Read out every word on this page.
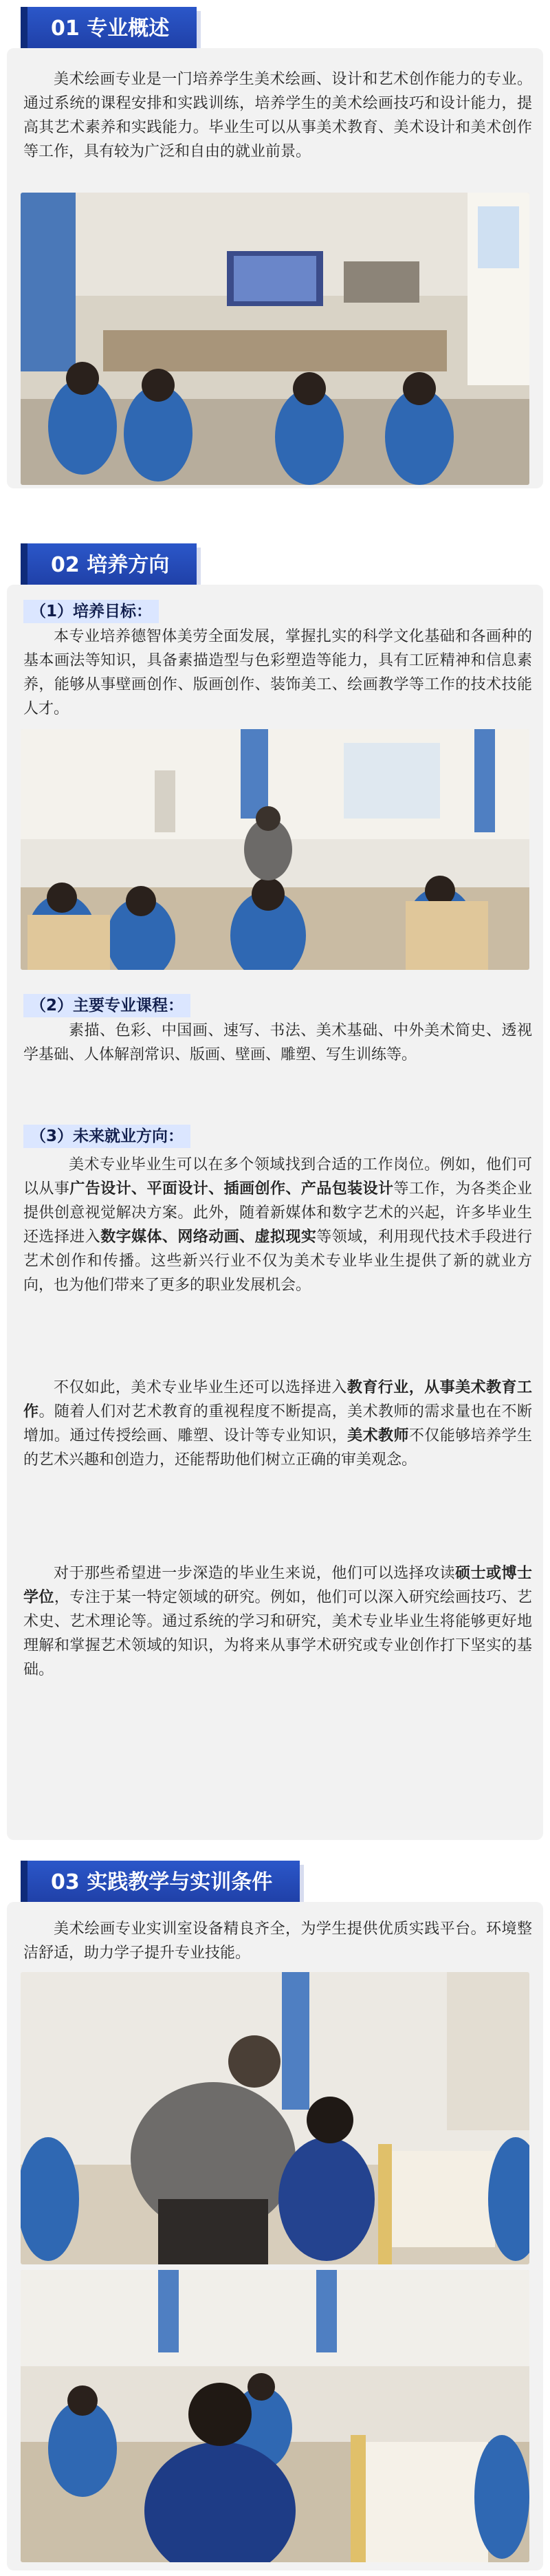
01 专业概述
美术绘画专业是一门培养学生美术绘画、设计和艺术创作能力的专业。通过系统的课程安排和实践训练，培养学生的美术绘画技巧和设计能力，提高其艺术素养和实践能力。毕业生可以从事美术教育、美术设计和美术创作等工作，具有较为广泛和自由的就业前景。
02 培养方向
（1）培养目标：
本专业培养德智体美劳全面发展，掌握扎实的科学文化基础和各画种的基本画法等知识，具备素描造型与色彩塑造等能力，具有工匠精神和信息素养，能够从事壁画创作、版画创作、装饰美工、绘画教学等工作的技术技能人才。
（2）主要专业课程：
素描、色彩、中国画、速写、书法、美术基础、中外美术简史、透视学基础、人体解剖常识、版画、壁画、雕塑、写生训练等。
（3）未来就业方向：
美术专业毕业生可以在多个领域找到合适的工作岗位。例如，他们可以从事广告设计、平面设计、插画创作、产品包装设计等工作，为各类企业提供创意视觉解决方案。此外，随着新媒体和数字艺术的兴起，许多毕业生还选择进入数字媒体、网络动画、虚拟现实等领域，利用现代技术手段进行艺术创作和传播。这些新兴行业不仅为美术专业毕业生提供了新的就业方向，也为他们带来了更多的职业发展机会。
不仅如此，美术专业毕业生还可以选择进入教育行业，从事美术教育工作。随着人们对艺术教育的重视程度不断提高，美术教师的需求量也在不断增加。通过传授绘画、雕塑、设计等专业知识，美术教师不仅能够培养学生的艺术兴趣和创造力，还能帮助他们树立正确的审美观念。
对于那些希望进一步深造的毕业生来说，他们可以选择攻读硕士或博士学位，专注于某一特定领域的研究。例如，他们可以深入研究绘画技巧、艺术史、艺术理论等。通过系统的学习和研究，美术专业毕业生将能够更好地理解和掌握艺术领域的知识，为将来从事学术研究或专业创作打下坚实的基础。
03 实践教学与实训条件
美术绘画专业实训室设备精良齐全，为学生提供优质实践平台。环境整洁舒适，助力学子提升专业技能。
